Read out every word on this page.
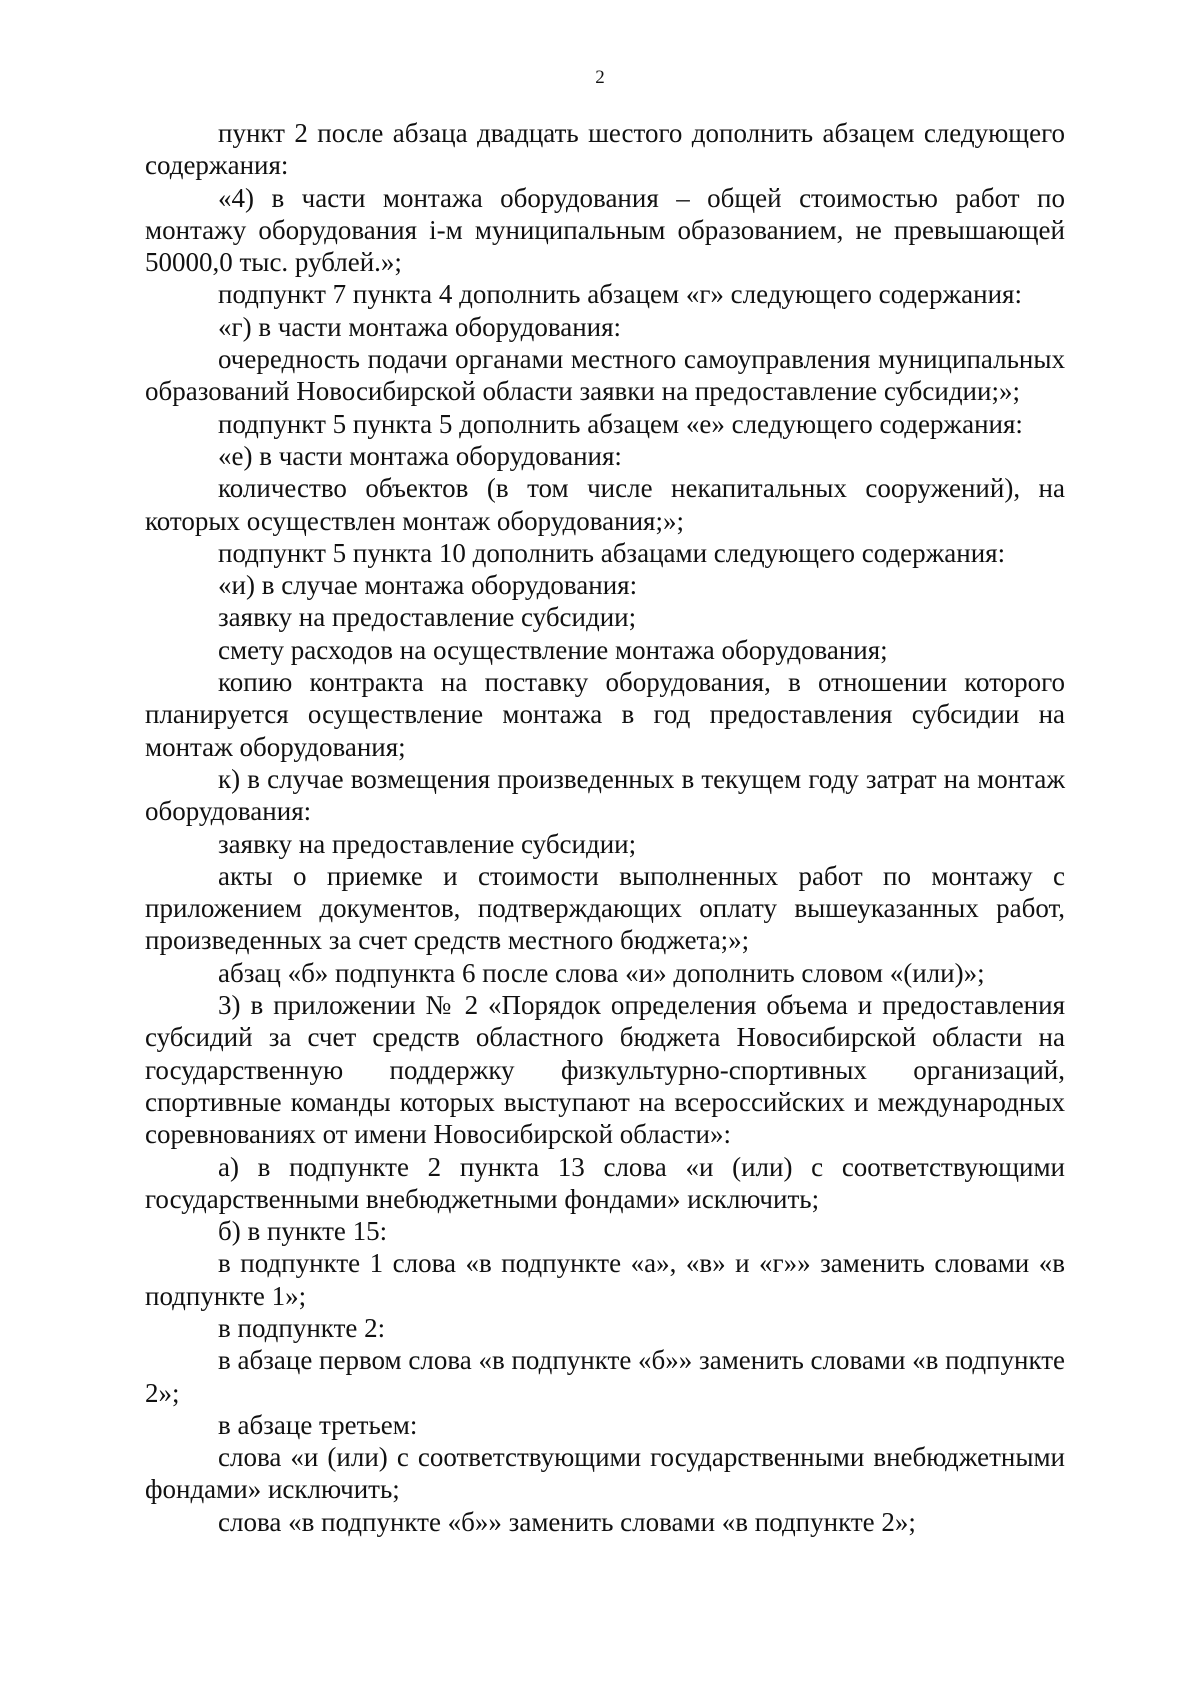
2

пункт 2 после абзаца двадцать шестого дополнить абзацем следующего содержания:

«4) в части монтажа оборудования – общей стоимостью работ по монтажу оборудования i-м муниципальным образованием, не превышающей 50000,0 тыс. рублей.»;

подпункт 7 пункта 4 дополнить абзацем «г» следующего содержания:

«г) в части монтажа оборудования:

очередность подачи органами местного самоуправления муниципальных образований Новосибирской области заявки на предоставление субсидии;»;

подпункт 5 пункта 5 дополнить абзацем «е» следующего содержания:

«е) в части монтажа оборудования:

количество объектов (в том числе некапитальных сооружений), на которых осуществлен монтаж оборудования;»;

подпункт 5 пункта 10 дополнить абзацами следующего содержания:

«и) в случае монтажа оборудования:

заявку на предоставление субсидии;

смету расходов на осуществление монтажа оборудования;

копию контракта на поставку оборудования, в отношении которого планируется осуществление монтажа в год предоставления субсидии на монтаж оборудования;

к) в случае возмещения произведенных в текущем году затрат на монтаж оборудования:

заявку на предоставление субсидии;

акты о приемке и стоимости выполненных работ по монтажу с приложением документов, подтверждающих оплату вышеуказанных работ, произведенных за счет средств местного бюджета;»;

абзац «б» подпункта 6 после слова «и» дополнить словом «(или)»;

3) в приложении № 2 «Порядок определения объема и предоставления субсидий за счет средств областного бюджета Новосибирской области на государственную поддержку физкультурно-спортивных организаций, спортивные команды которых выступают на всероссийских и международных соревнованиях от имени Новосибирской области»:

а) в подпункте 2 пункта 13 слова «и (или) с соответствующими государственными внебюджетными фондами» исключить;

б) в пункте 15:

в подпункте 1 слова «в подпункте «а», «в» и «г»» заменить словами «в подпункте 1»;

в подпункте 2:

в абзаце первом слова «в подпункте «б»» заменить словами «в подпункте 2»;

в абзаце третьем:

слова «и (или) с соответствующими государственными внебюджетными фондами» исключить;

слова «в подпункте «б»» заменить словами «в подпункте 2»;
